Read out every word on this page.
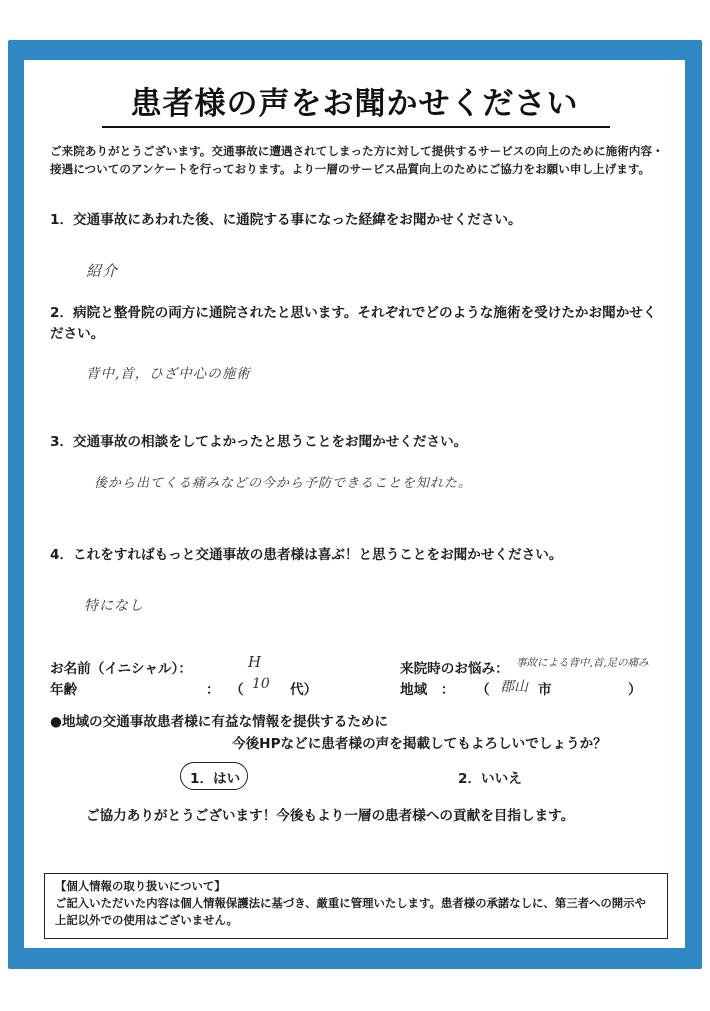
患者様の声をお聞かせください
ご来院ありがとうございます。交通事故に遭遇されてしまった方に対して提供するサービスの向上のために施術内容・接遇についてのアンケートを行っております。より一層のサービス品質向上のためにご協力をお願い申し上げます。
1．交通事故にあわれた後、に通院する事になった経緯をお聞かせください。
紹介
2．病院と整骨院の両方に通院されたと思います。それぞれでどのような施術を受けたかお聞かせください。
背中,首，ひざ中心の施術
3．交通事故の相談をしてよかったと思うことをお聞かせください。
後から出てくる痛みなどの今から予防できることを知れた。
4．これをすればもっと交通事故の患者様は喜ぶ！と思うことをお聞かせください。
特になし
お名前（イニシャル）：	H
年齢	： （ 10 代）
来院時のお悩み： 事故による背中,首,足の痛み
地域　： （ 郡山 市	）
●地域の交通事故患者様に有益な情報を提供するために
今後HPなどに患者様の声を掲載してもよろしいでしょうか？
1．はい	2．いいえ
ご協力ありがとうございます！今後もより一層の患者様への貢献を目指します。
【個人情報の取り扱いについて】
ご記入いただいた内容は個人情報保護法に基づき、厳重に管理いたします。患者様の承諾なしに、第三者への開示や上記以外での使用はございません。
